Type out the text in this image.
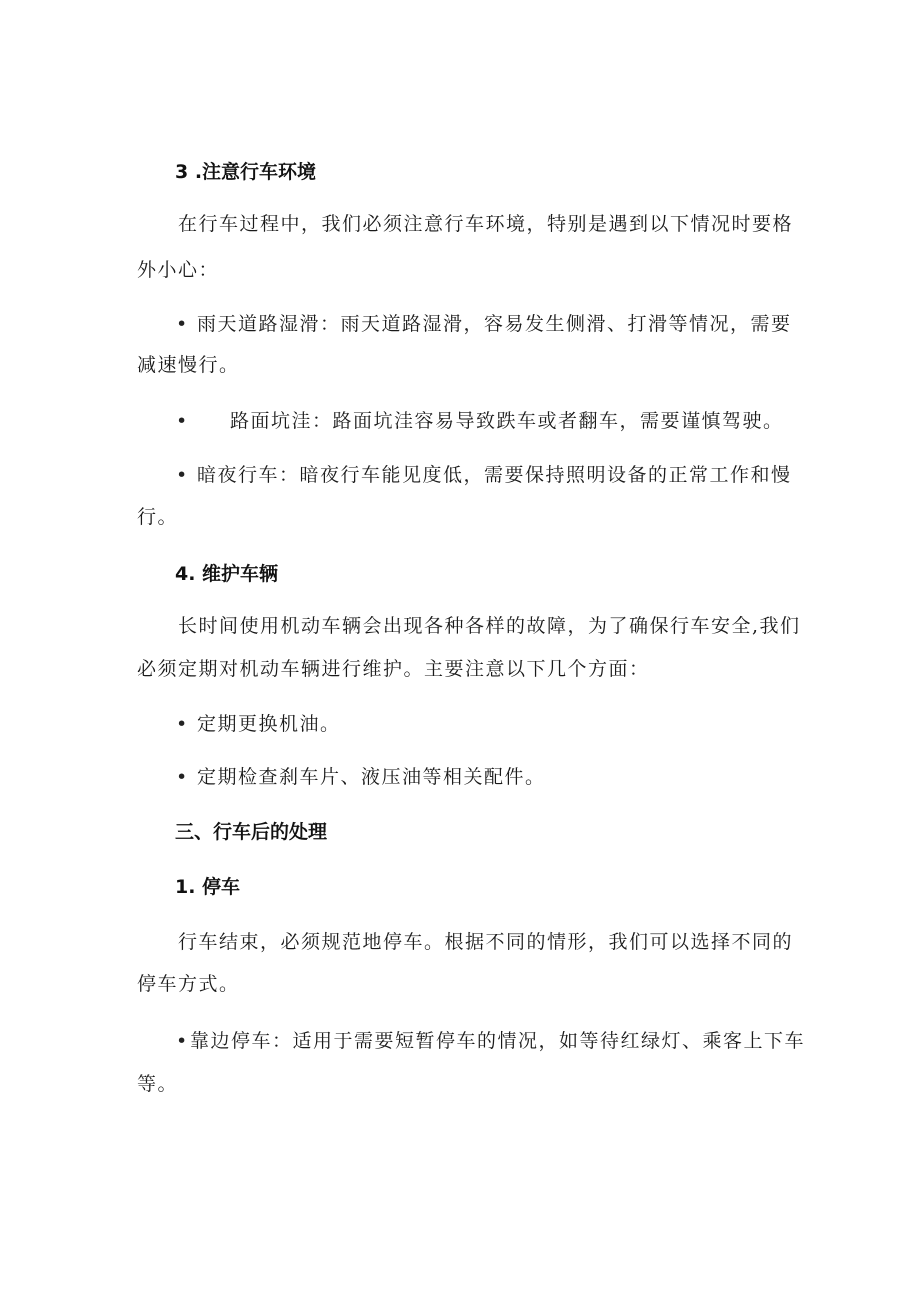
3 .注意行车环境
在行车过程中，我们必须注意行车环境，特别是遇到以下情况时要格
外小心：
• 雨天道路湿滑：雨天道路湿滑，容易发生侧滑、打滑等情况，需要
减速慢行。
• 路面坑洼：路面坑洼容易导致跌车或者翻车，需要谨慎驾驶。
• 暗夜行车：暗夜行车能见度低，需要保持照明设备的正常工作和慢
行。
4. 维护车辆
长时间使用机动车辆会出现各种各样的故障，为了确保行车安全,我们
必须定期对机动车辆进行维护。主要注意以下几个方面：
• 定期更换机油。
• 定期检查刹车片、液压油等相关配件。
三、行车后的处理
1. 停车
行车结束，必须规范地停车。根据不同的情形，我们可以选择不同的
停车方式。
• 靠边停车：适用于需要短暂停车的情况，如等待红绿灯、乘客上下车
等。
